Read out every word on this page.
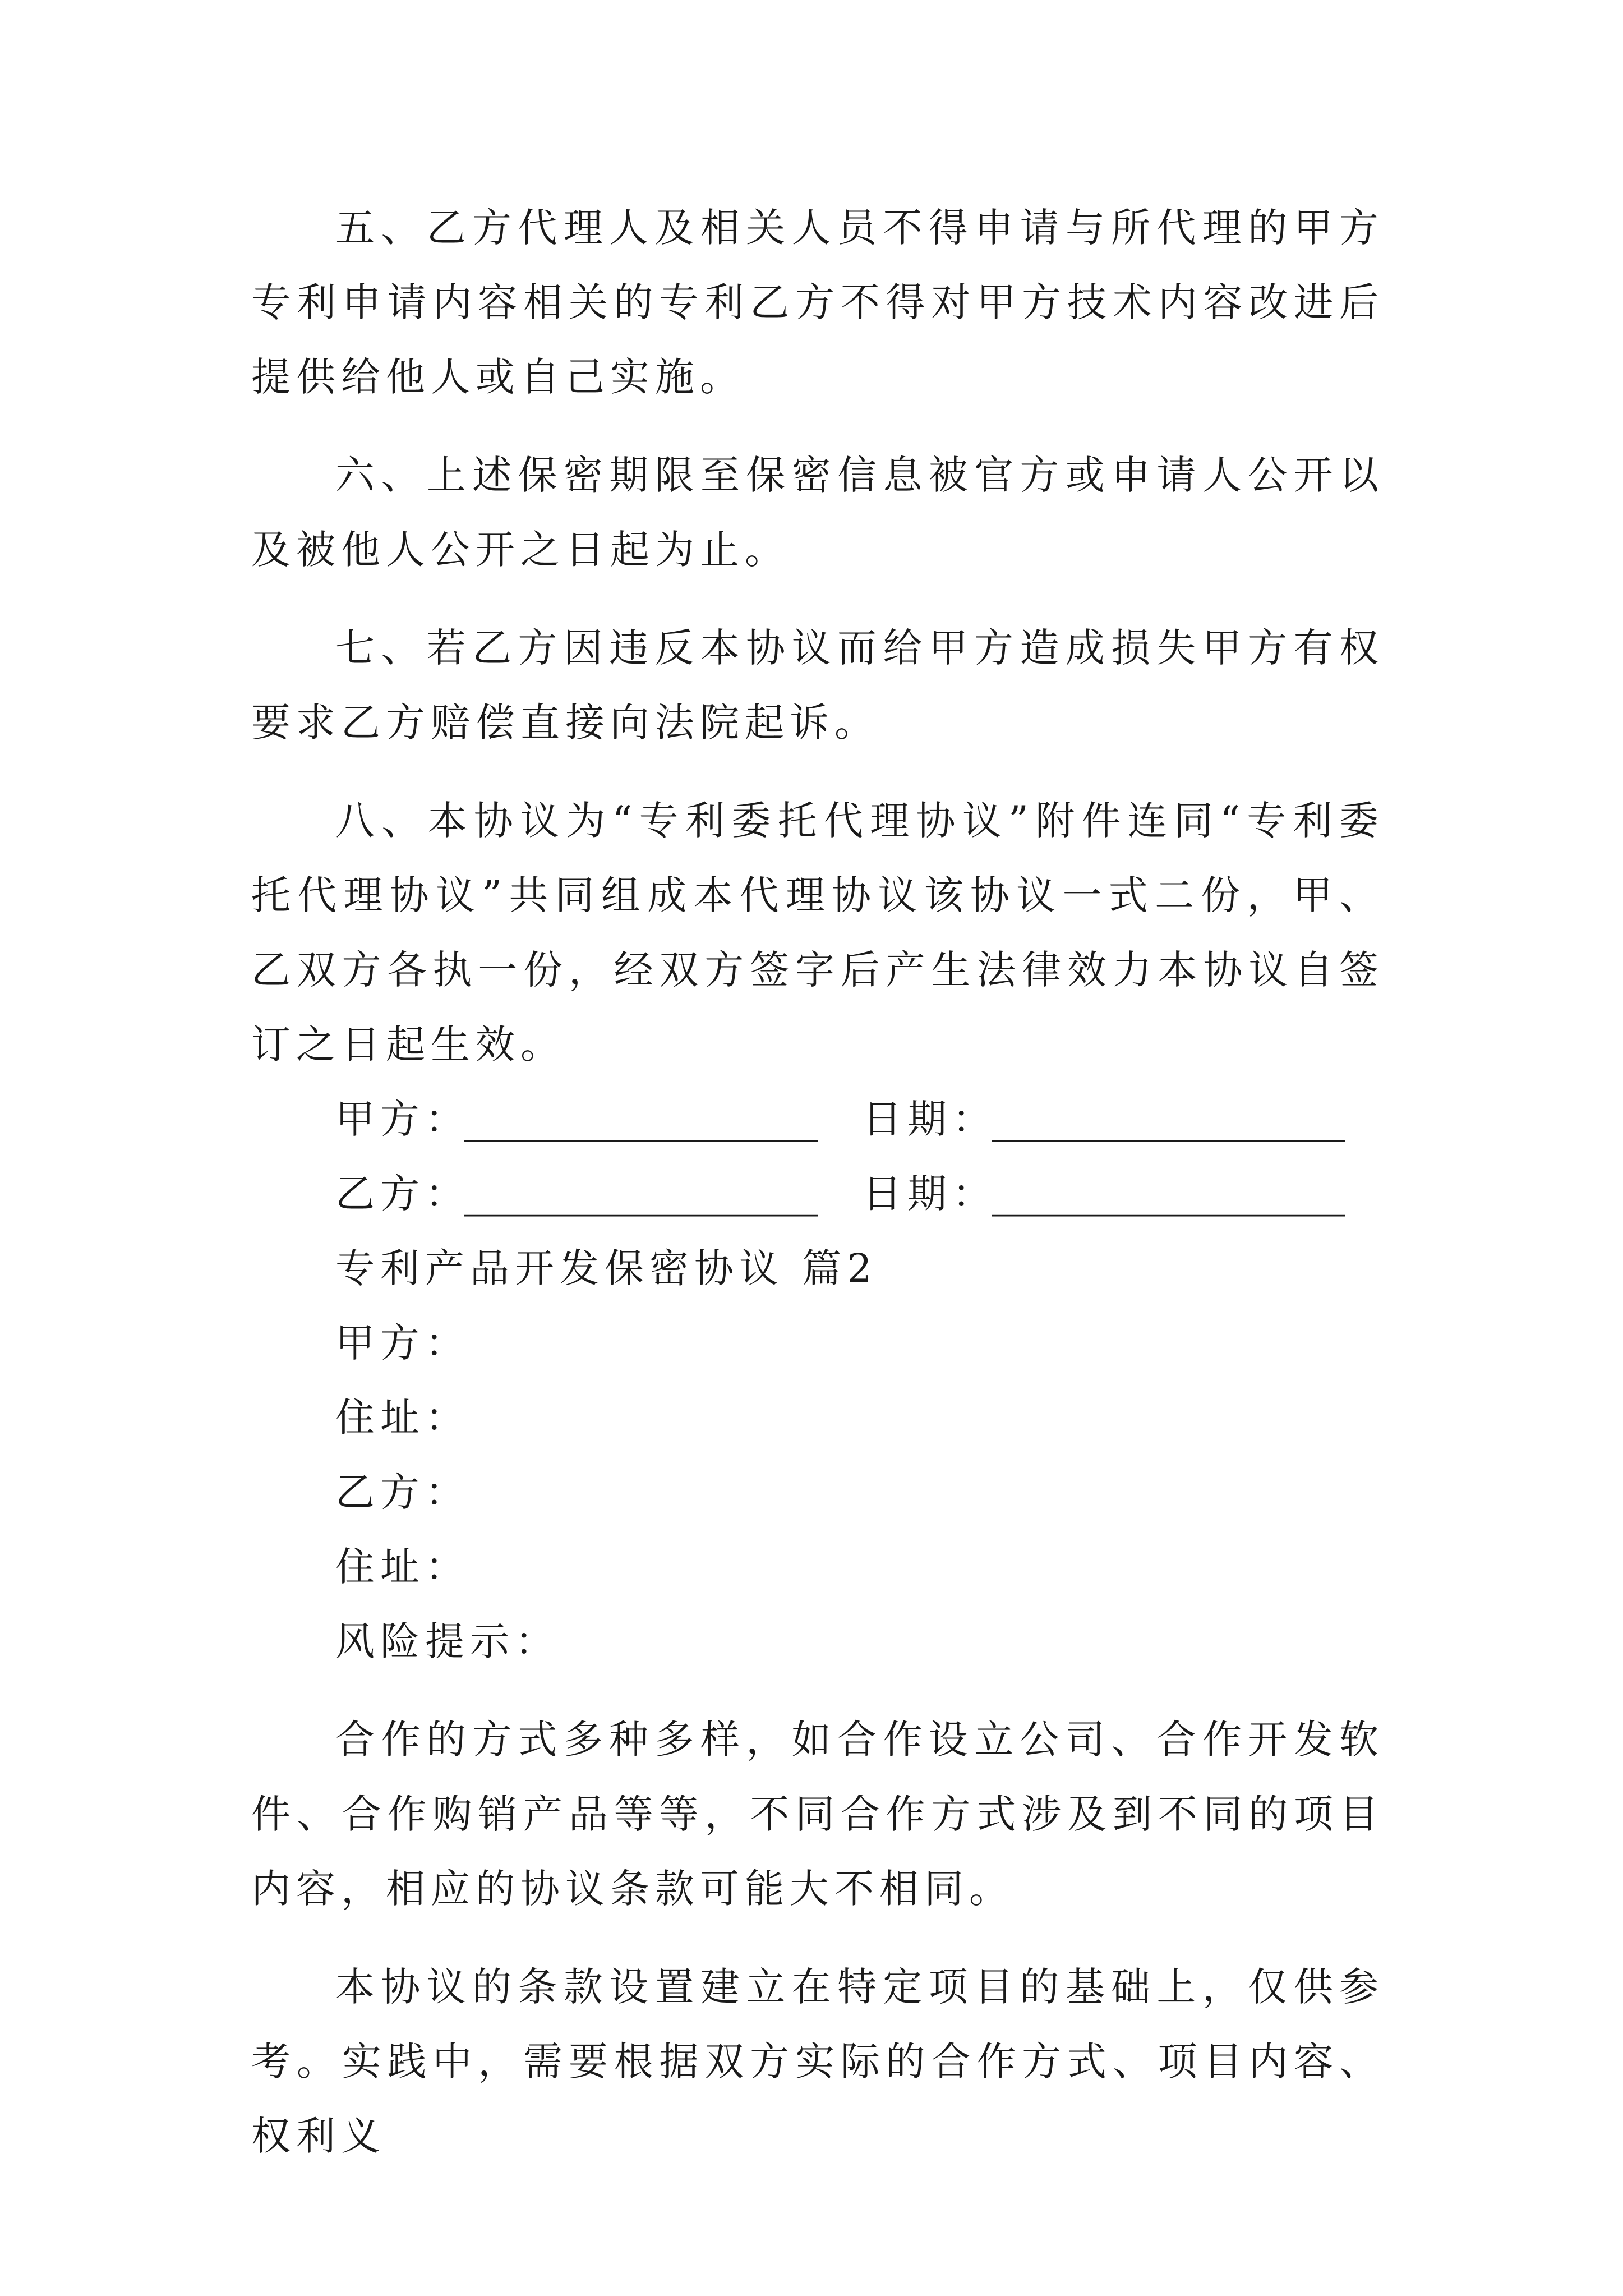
五、乙方代理人及相关人员不得申请与所代理的甲方专利申请内容相关的专利乙方不得对甲方技术内容改进后提供给他人或自己实施。

六、上述保密期限至保密信息被官方或申请人公开以及被他人公开之日起为止。

七、若乙方因违反本协议而给甲方造成损失甲方有权要求乙方赔偿直接向法院起诉。

八、本协议为“专利委托代理协议”附件连同“专利委托代理协议”共同组成本代理协议该协议一式二份，甲、乙双方各执一份，经双方签字后产生法律效力本协议自签订之日起生效。

甲方：
__________________ 日期：
__________________
乙方：
__________________ 日期：
__________________
专利产品开发保密协议 篇2
甲方：
住址：
乙方：
住址：
风险提示：

合作的方式多种多样，如合作设立公司、合作开发软件、合作购销产品等等，不同合作方式涉及到不同的项目内容，相应的协议条款可能大不相同。

本协议的条款设置建立在特定项目的基础上，仅供参考。实践中，需要根据双方实际的合作方式、项目内容、权利义
